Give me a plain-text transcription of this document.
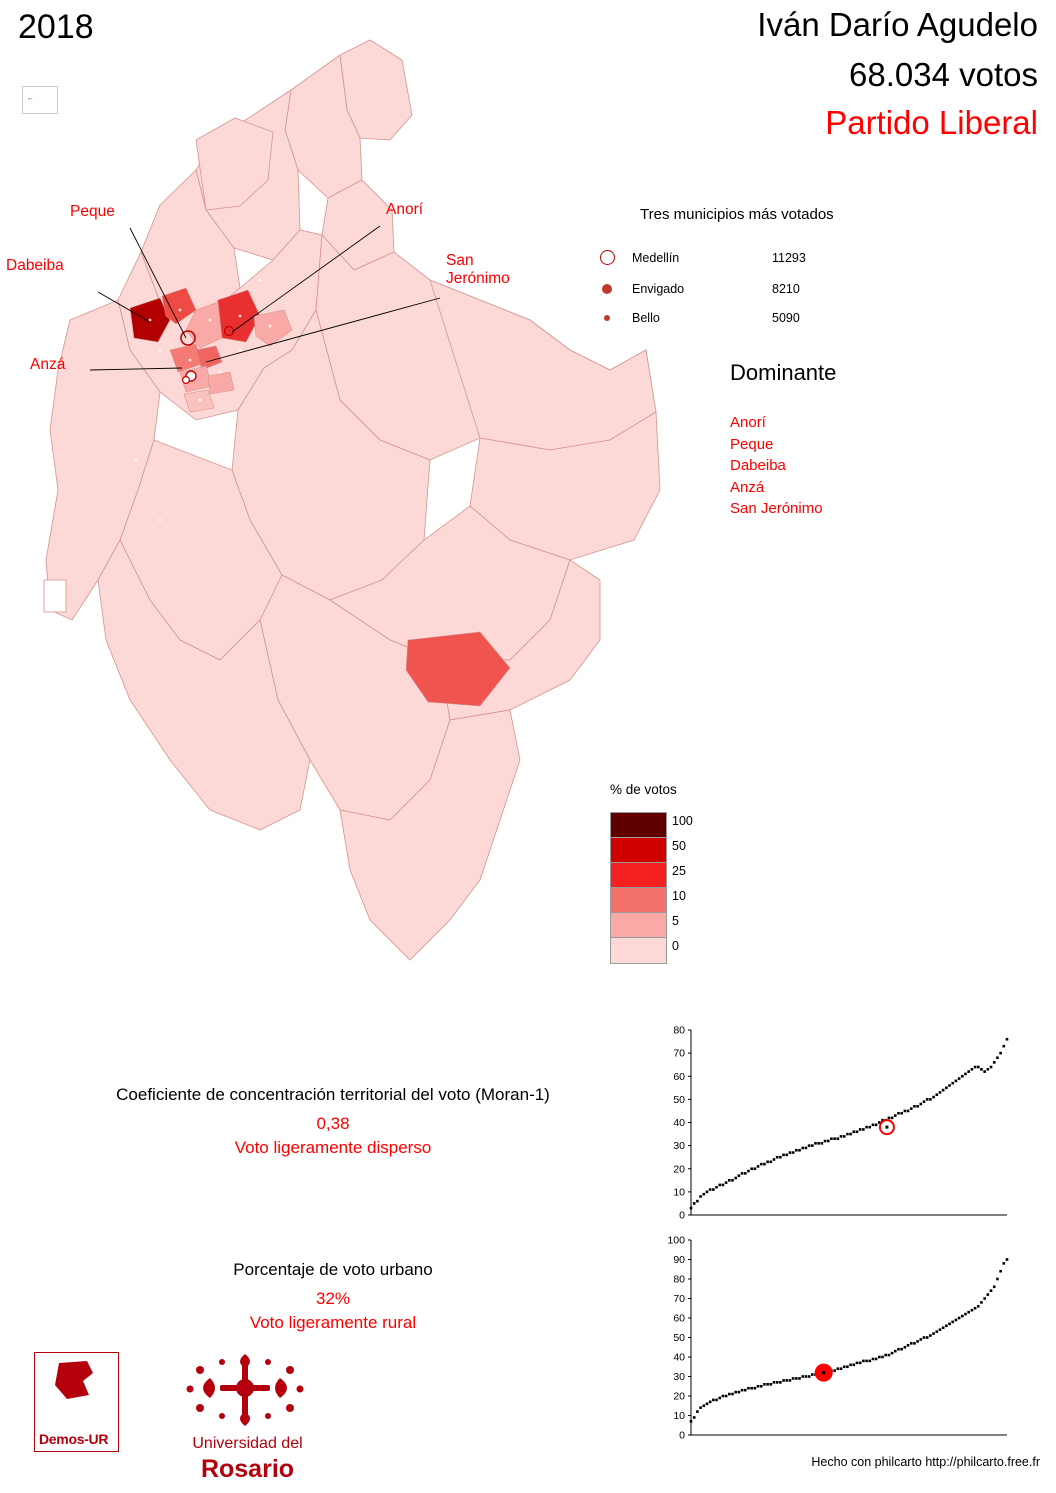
2018	Iván Darío Agudelo
68.034 votos
Partido Liberal
⌐
Peque	Anorí
Dabeiba	San
Jerónimo
Anzá
Tres municipios más votados
Medellín	11293
Envigado	8210
Bello	5090
Dominante
Anorí
Peque
Dabeiba
Anzá
San Jerónimo
% de votos
100
50
25
10
5
0
Coeficiente de concentración territorial del voto (Moran-1)
0,38
Voto ligeramente disperso
Porcentaje de voto urbano
32%
Voto ligeramente rural
0
10
20
30
40
50
60
70
80
0
10
20
30
40
50
60
70
80
90
100
Demos-UR	Universidad del
Rosario	Hecho con philcarto http://philcarto.free.fr
